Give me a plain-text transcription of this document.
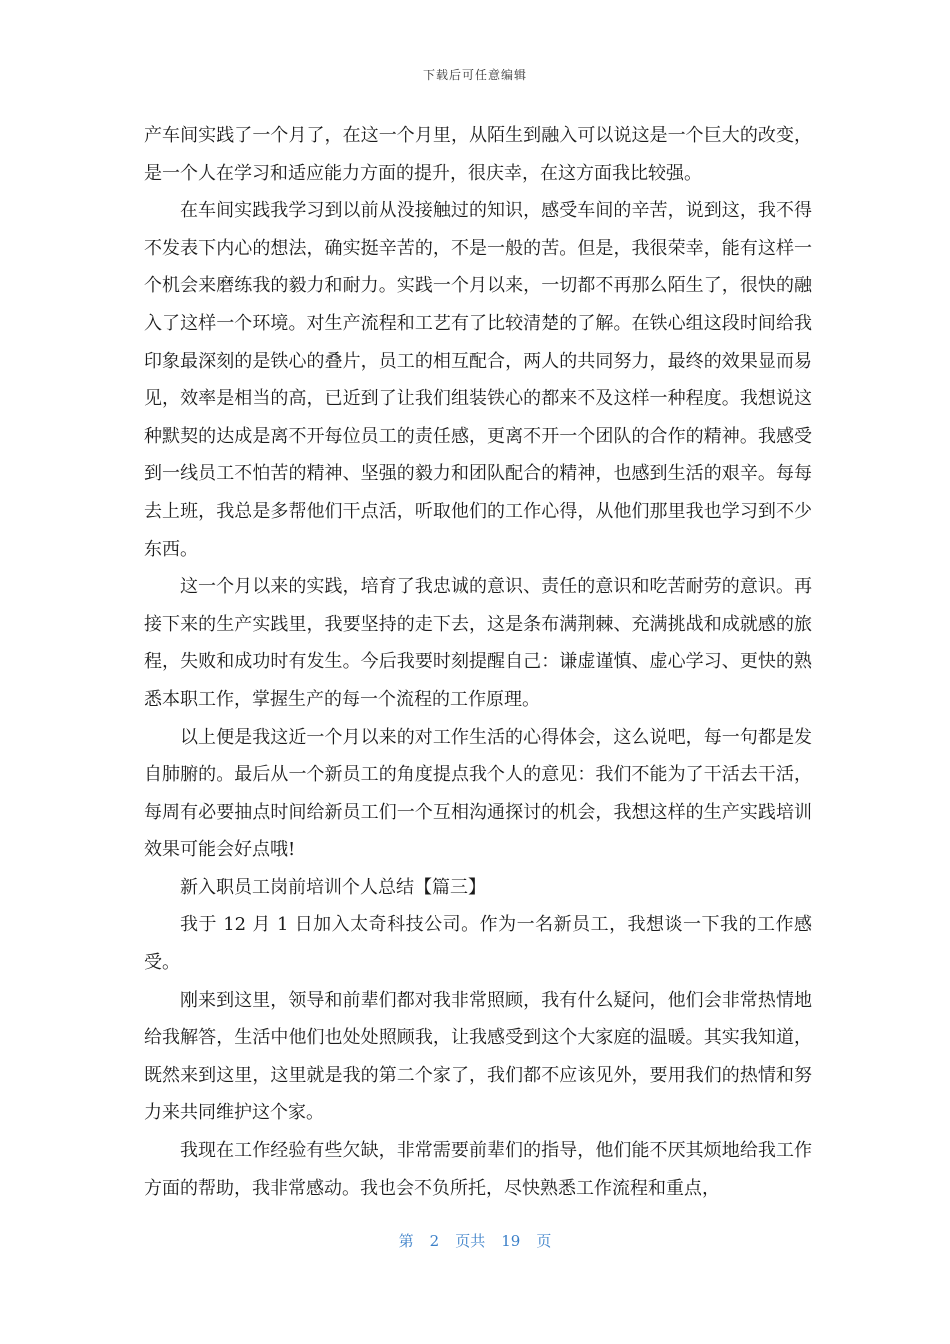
下载后可任意编辑

产车间实践了一个月了，在这一个月里，从陌生到融入可以说这是一个巨大的改变，是一个人在学习和适应能力方面的提升，很庆幸，在这方面我比较强。

在车间实践我学习到以前从没接触过的知识，感受车间的辛苦，说到这，我不得不发表下内心的想法，确实挺辛苦的，不是一般的苦。但是，我很荣幸，能有这样一个机会来磨练我的毅力和耐力。实践一个月以来，一切都不再那么陌生了，很快的融入了这样一个环境。对生产流程和工艺有了比较清楚的了解。在铁心组这段时间给我印象最深刻的是铁心的叠片，员工的相互配合，两人的共同努力，最终的效果显而易见，效率是相当的高，已近到了让我们组装铁心的都来不及这样一种程度。我想说这种默契的达成是离不开每位员工的责任感，更离不开一个团队的合作的精神。我感受到一线员工不怕苦的精神、坚强的毅力和团队配合的精神，也感到生活的艰辛。每每去上班，我总是多帮他们干点活，听取他们的工作心得，从他们那里我也学习到不少东西。

这一个月以来的实践，培育了我忠诚的意识、责任的意识和吃苦耐劳的意识。再接下来的生产实践里，我要坚持的走下去，这是条布满荆棘、充满挑战和成就感的旅程，失败和成功时有发生。今后我要时刻提醒自己：谦虚谨慎、虚心学习、更快的熟悉本职工作，掌握生产的每一个流程的工作原理。

以上便是我这近一个月以来的对工作生活的心得体会，这么说吧，每一句都是发自肺腑的。最后从一个新员工的角度提点我个人的意见：我们不能为了干活去干活，每周有必要抽点时间给新员工们一个互相沟通探讨的机会，我想这样的生产实践培训效果可能会好点哦!

新入职员工岗前培训个人总结【篇三】

我于 12 月 1 日加入太奇科技公司。作为一名新员工，我想谈一下我的工作感受。

刚来到这里，领导和前辈们都对我非常照顾，我有什么疑问，他们会非常热情地给我解答，生活中他们也处处照顾我，让我感受到这个大家庭的温暖。其实我知道，既然来到这里，这里就是我的第二个家了，我们都不应该见外，要用我们的热情和努力来共同维护这个家。

我现在工作经验有些欠缺，非常需要前辈们的指导，他们能不厌其烦地给我工作方面的帮助，我非常感动。我也会不负所托，尽快熟悉工作流程和重点，

第 2 页共 19 页
